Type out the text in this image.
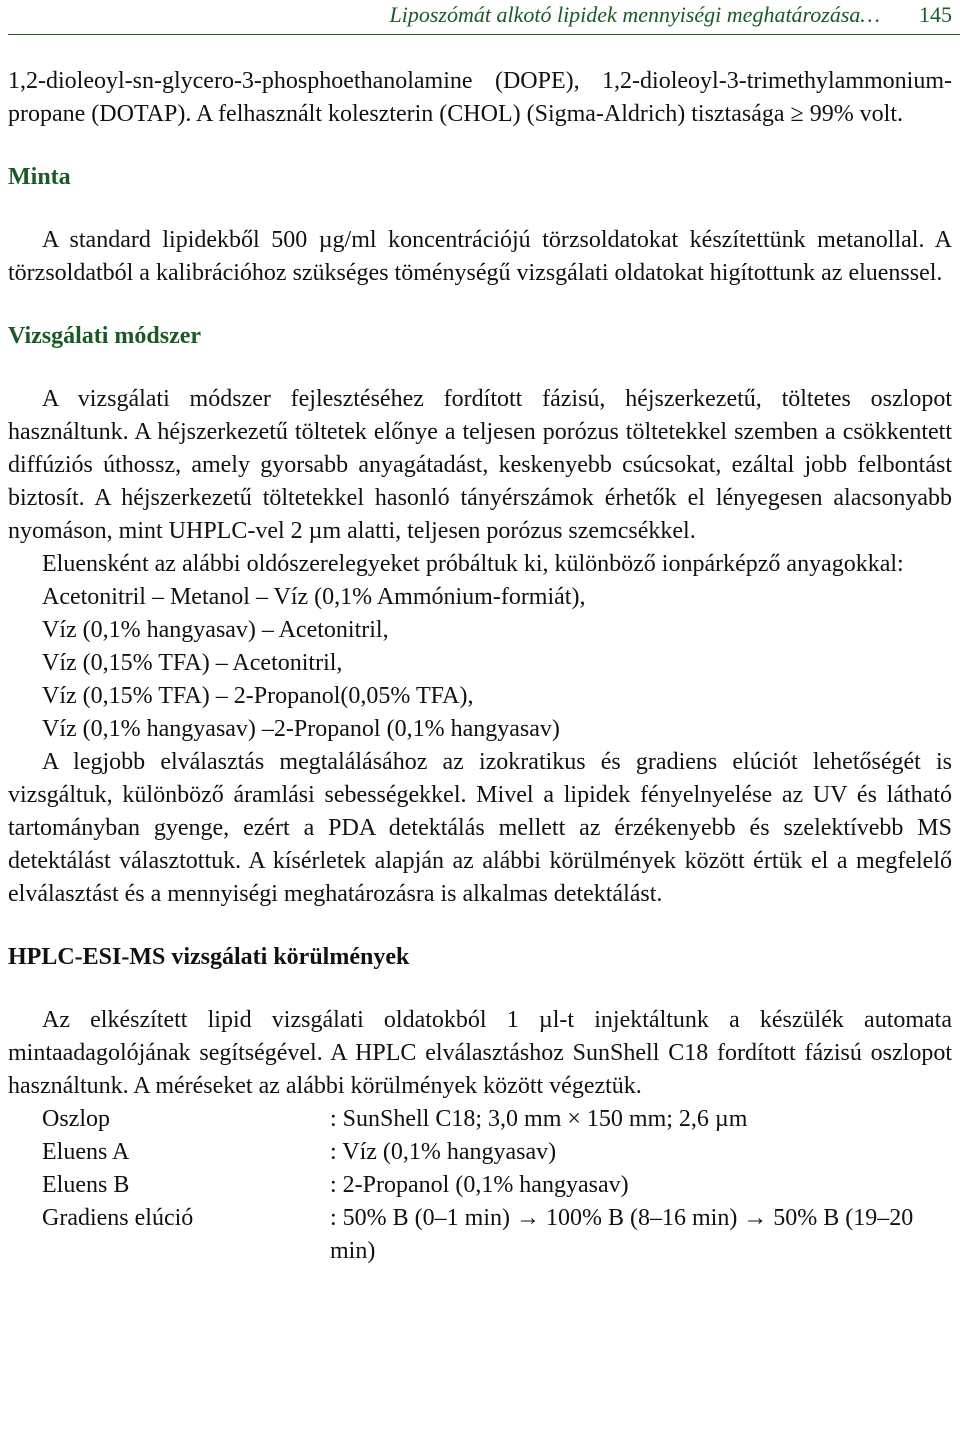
Liposzómát alkotó lipidek mennyiségi meghatározása… 145

1,2-dioleoyl-sn-glycero-3-phosphoethanolamine (DOPE), 1,2-dioleoyl-3-trimethylammonium-propane (DOTAP). A felhasznált koleszterin (CHOL) (Sigma-Aldrich) tisztasága ≥ 99% volt.

Minta

A standard lipidekből 500 µg/ml koncentrációjú törzsoldatokat készítettünk metanollal. A törzsoldatból a kalibrációhoz szükséges töménységű vizsgálati oldatokat higítottunk az eluenssel.

Vizsgálati módszer

A vizsgálati módszer fejlesztéséhez fordított fázisú, héjszerkezetű, töltetes oszlopot használtunk. A héjszerkezetű töltetek előnye a teljesen porózus töltetekkel szemben a csökkentett diffúziós úthossz, amely gyorsabb anyagátadást, keskenyebb csúcsokat, ezáltal jobb felbontást biztosít. A héjszerkezetű töltetekkel hasonló tányérszámok érhetők el lényegesen alacsonyabb nyomáson, mint UHPLC-vel 2 µm alatti, teljesen porózus szemcsékkel.

Eluensként az alábbi oldószerelegyeket próbáltuk ki, különböző ionpárképző anyagokkal:

Acetonitril – Metanol – Víz (0,1% Ammónium-formiát),
Víz (0,1% hangyasav) – Acetonitril,
Víz (0,15% TFA) – Acetonitril,
Víz (0,15% TFA) – 2-Propanol(0,05% TFA),
Víz (0,1% hangyasav) –2-Propanol (0,1% hangyasav)

A legjobb elválasztás megtalálásához az izokratikus és gradiens elúciót lehetőségét is vizsgáltuk, különböző áramlási sebességekkel. Mivel a lipidek fényelnyelése az UV és látható tartományban gyenge, ezért a PDA detektálás mellett az érzékenyebb és szelektívebb MS detektálást választottuk. A kísérletek alapján az alábbi körülmények között értük el a megfelelő elválasztást és a mennyiségi meghatározásra is alkalmas detektálást.

HPLC-ESI-MS vizsgálati körülmények

Az elkészített lipid vizsgálati oldatokból 1 µl-t injektáltunk a készülék automata mintaadagolójának segítségével. A HPLC elválasztáshoz SunShell C18 fordított fázisú oszlopot használtunk. A méréseket az alábbi körülmények között végeztük.

Oszlop	: SunShell C18; 3,0 mm × 150 mm; 2,6 µm
Eluens A	: Víz (0,1% hangyasav)
Eluens B	: 2-Propanol (0,1% hangyasav)
Gradiens elúció	: 50% B (0–1 min) → 100% B (8–16 min) → 50% B (19–20 min)
